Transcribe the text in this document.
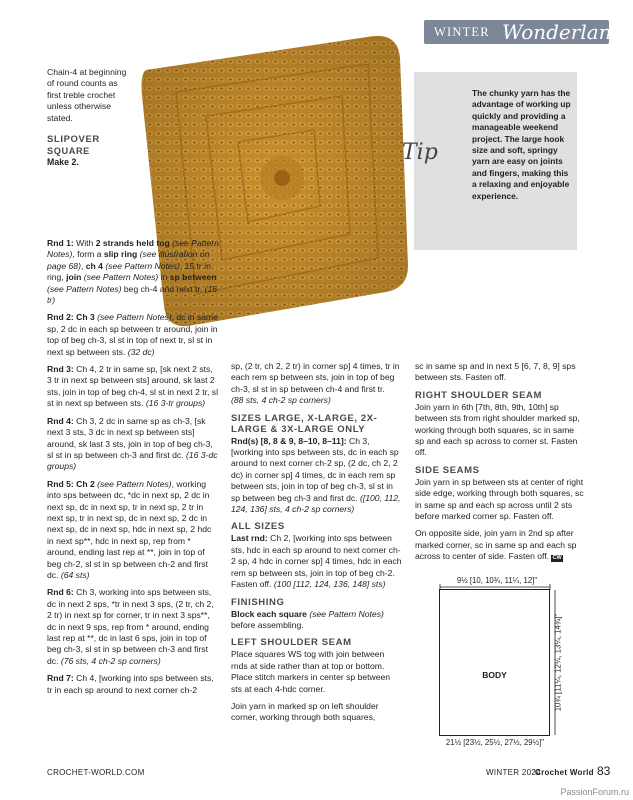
WINTER Wonderland
Tip
The chunky yarn has the advantage of working up quickly and providing a manageable weekend project. The large hook size and soft, springy yarn are easy on joints and fingers, making this a relaxing and enjoyable experience.

Chain-4 at beginning of round counts as first treble crochet unless otherwise stated.

SLIPOVER
SQUARE
Make 2.

Rnd 1: With 2 strands held tog (see Pattern Notes), form a slip ring (see illustration on page 68), ch 4 (see Pattern Notes), 15 tr in ring, join (see Pattern Notes) in sp between (see Pattern Notes) beg ch-4 and next tr. (16 tr)

Rnd 2: Ch 3 (see Pattern Notes), dc in same sp, 2 dc in each sp between tr around, join in top of beg ch-3, sl st in top of next tr, sl st in next sp between sts. (32 dc)

Rnd 3: Ch 4, 2 tr in same sp, [sk next 2 sts, 3 tr in next sp between sts] around, sk last 2 sts, join in top of beg ch-4, sl st in next 2 tr, sl st in next sp between sts. (16 3-tr groups)

Rnd 4: Ch 3, 2 dc in same sp as ch-3, [sk next 3 sts, 3 dc in next sp between sts] around, sk last 3 sts, join in top of beg ch-3, sl st in sp between ch-3 and first dc. (16 3-dc groups)

Rnd 5: Ch 2 (see Pattern Notes), working into sps between dc, *dc in next sp, 2 dc in next sp, dc in next sp, tr in next sp, 2 tr in next sp, tr in next sp, dc in next sp, 2 dc in next sp, dc in next sp, hdc in next sp, 2 hdc in next sp**, hdc in next sp, rep from * around, ending last rep at **, join in top of beg ch-2, sl st in sp between ch-2 and first dc. (64 sts)

Rnd 6: Ch 3, working into sps between sts, dc in next 2 sps, *tr in next 3 sps, (2 tr, ch 2, 2 tr) in next sp for corner, tr in next 3 sps**, dc in next 9 sps, rep from * around, ending last rep at **, dc in last 6 sps, join in top of beg ch-3, sl st in sp between ch-3 and first dc. (76 sts, 4 ch-2 sp corners)

Rnd 7: Ch 4, [working into sps between sts, tr in each sp around to next corner ch-2

sp, (2 tr, ch 2, 2 tr) in corner sp] 4 times, tr in each rem sp between sts, join in top of beg ch-3, sl st in sp between ch-4 and first tr.

(88 sts, 4 ch-2 sp corners)

SIZES LARGE, X-LARGE, 2X-LARGE & 3X-LARGE ONLY

Rnd(s) [8, 8 & 9, 8–10, 8–11]: Ch 3, [working into sps between sts, dc in each sp around to next corner ch-2 sp, (2 dc, ch 2, 2 dc) in corner sp] 4 times, dc in each rem sp between sts, join in top of beg ch-3, sl st in sp between beg ch-3 and first dc. ([100, 112, 124, 136] sts, 4 ch-2 sp corners)

ALL SIZES

Last rnd: Ch 2, [working into sps between sts, hdc in each sp around to next corner ch-2 sp, 4 hdc in corner sp] 4 times, hdc in each rem sp between sts, join in top of beg ch-2. Fasten off. (100 [112, 124, 136, 148] sts)

FINISHING

Block each square (see Pattern Notes) before assembling.

LEFT SHOULDER SEAM

Place squares WS tog with join between rnds at side rather than at top or bottom. Place stitch markers in center sp between sts at each 4-hdc corner.

Join yarn in marked sp on left shoulder corner, working through both squares,

sc in same sp and in next 5 [6, 7, 8, 9] sps between sts. Fasten off.

RIGHT SHOULDER SEAM

Join yarn in 6th [7th, 8th, 9th, 10th] sp between sts from right shoulder marked sp, working through both squares, sc in same sp and each sp across to corner st. Fasten off.

SIDE SEAMS

Join yarn in sp between sts at center of right side edge, working through both squares, sc in same sp and each sp across until 2 sts before marked corner sp. Fasten off.

On opposite side, join yarn in 2nd sp after marked corner, sc in same sp and each sp across to center of side. Fasten off. CW

9½ [10, 10¾, 11¼, 12]"
BODY	10¾ [11¼, 12¼, 13¼, 14¾]"
21½ [23½, 25½, 27½, 29½]"
CROCHET-WORLD.COM	WINTER 2024
Crochet World 83
PassionForum.ru
